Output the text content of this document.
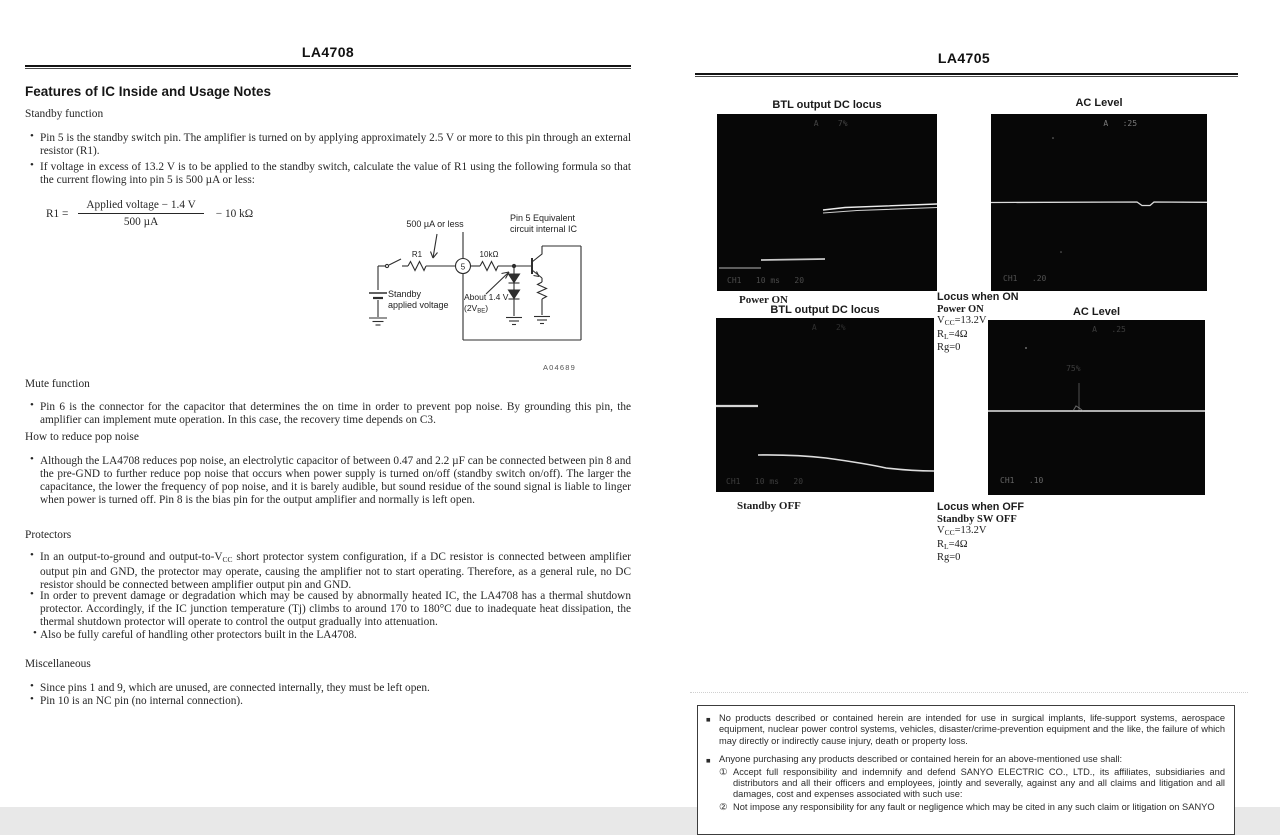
LA4708	LA4705
Features of IC Inside and Usage Notes
Standby function
• Pin 5 is the standby switch pin. The amplifier is turned on by applying approximately 2.5 V or more to this pin through an external resistor (R1).
• If voltage in excess of 13.2 V is to be applied to the standby switch, calculate the value of R1 using the following formula so that the current flowing into pin 5 is 500 µA or less:
$R1 = \frac{\text{Applied voltage − 1.4 V}}{\text{500 µA}} - 10$ kΩ
500 µA or less
Pin 5 Equivalent
circuit internal IC
R1
5
10kΩ
Standby
applied voltage
About 1.4 V
(2VBE)
A04689
Mute function
• Pin 6 is the connector for the capacitor that determines the on time in order to prevent pop noise. By grounding this pin, the amplifier can implement mute operation. In this case, the recovery time depends on C3.
How to reduce pop noise
• Although the LA4708 reduces pop noise, an electrolytic capacitor of between 0.47 and 2.2 µF can be connected between pin 8 and the pre-GND to further reduce pop noise that occurs when power supply is turned on/off (standby switch on/off). The larger the capacitance, the lower the frequency of pop noise, and it is barely audible, but sound residue of the sound signal is liable to linger when power is turned off. Pin 8 is the bias pin for the output amplifier and normally is left open.
Protectors
• In an output-to-ground and output-$to-V_{CC}$ short protector system configuration, if a DC resistor is connected between amplifier output pin and GND, the protector may operate, causing the amplifier not to start operating. Therefore, as a general rule, no DC resistor should be connected between amplifier output pin and GND.
• In order to prevent damage or degradation which may be caused by abnormally heated IC, the LA4708 has a thermal shutdown protector. Accordingly, if the IC junction temperature (Tj) climbs to around 170 to 180°C due to inadequate heat dissipation, the thermal shutdown protector will operate to control the output gradually into attenuation.
• Also be fully careful of handling other protectors built in the LA4708.
Miscellaneous
• Since pins 1 and 9, which are unused, are connected internally, they must be left open.
• Pin 10 is an NC pin (no internal connection).
BTL output DC locus
A    7%
CH1   10 ms   20
Power ON
AC Level
A   :25
CH1   .20
Locus when ON
Power ON
$V_{CC}=13.2V$
$R_L=4\Omega$
Rg=0
BTL output DC locus
A    2%
CH1   10 ms   20
Standby OFF
AC Level
A   .25
75%
CH1   .10
Locus when OFF
Standby SW OFF
$V_{CC}=13.2V$
$R_L=4\Omega$
Rg=0
■ No products described or contained herein are intended for use in surgical implants, life-support systems, aerospace equipment, nuclear power control systems, vehicles, disaster/crime-prevention equipment and the like, the failure of which may directly or indirectly cause injury, death or property loss.
■ Anyone purchasing any products described or contained herein for an above-mentioned use shall:
① Accept full responsibility and indemnify and defend SANYO ELECTRIC CO., LTD., its affiliates, subsidiaries and distributors and all their officers and employees, jointly and severally, against any and all claims and litigation and all damages, cost and expenses associated with such use:
② Not impose any responsibility for any fault or negligence which may be cited in any such claim or litigation on SANYO
